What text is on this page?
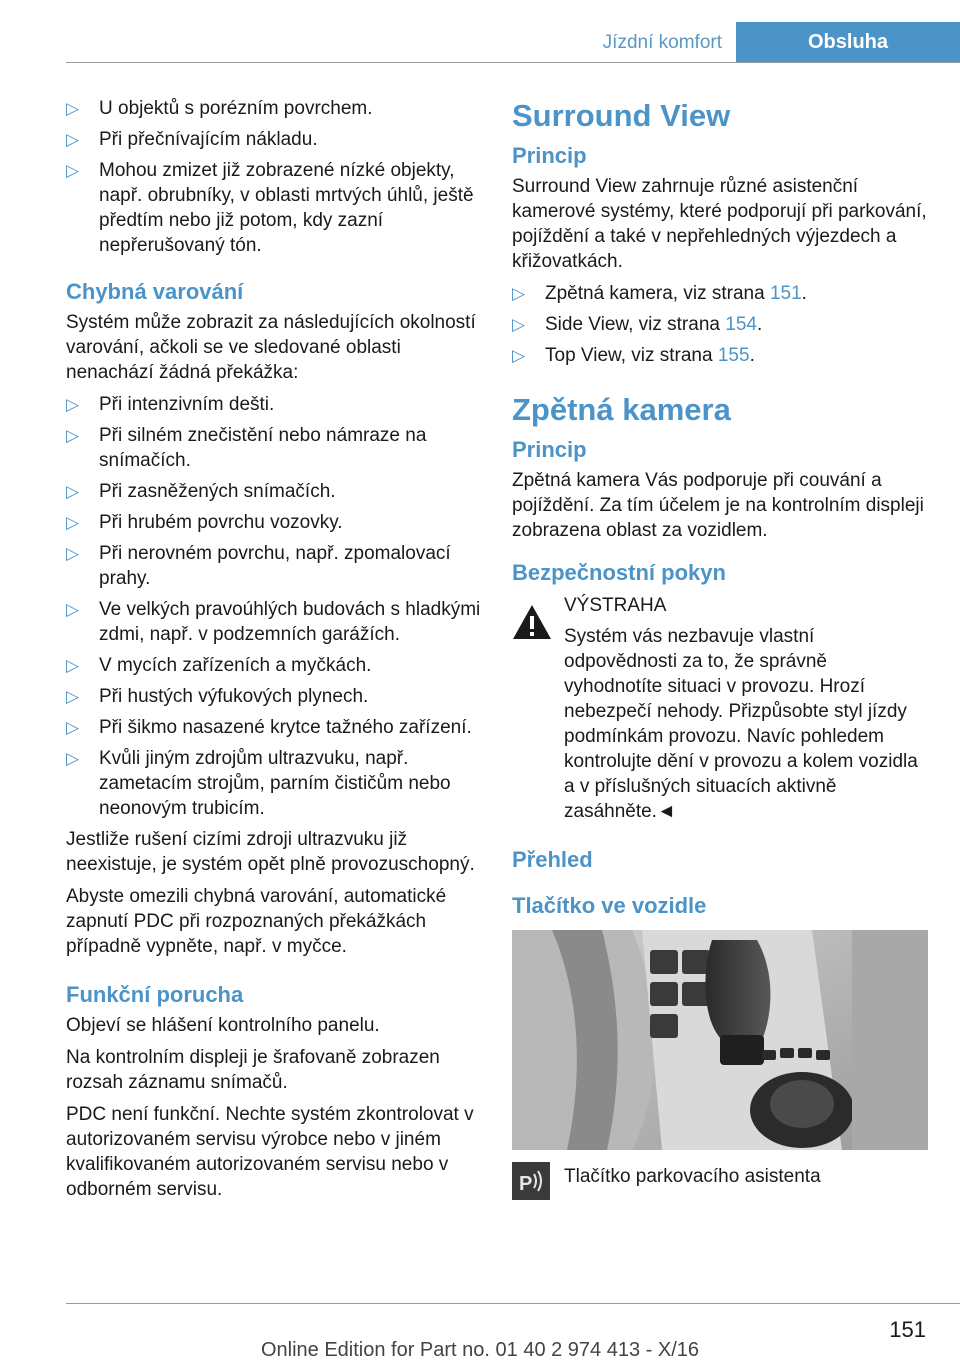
Jízdní komfort	Obsluha
▷	U objektů s porézním povrchem.
▷	Při přečnívajícím nákladu.
▷	Mohou zmizet již zobrazené nízké objekty, např. obrubníky, v oblasti mrtvých úhlů, ještě předtím nebo již potom, kdy zazní nepřerušovaný tón.
Chybná varování

Systém může zobrazit za následujících okolností varování, ačkoli se ve sledované oblasti nenachází žádná překážka:

▷	Při intenzivním dešti.
▷	Při silném znečistění nebo námraze na snímačích.
▷	Při zasněžených snímačích.
▷	Při hrubém povrchu vozovky.
▷	Při nerovném povrchu, např. zpomalovací prahy.
▷	Ve velkých pravoúhlých budovách s hladkými zdmi, např. v podzemních garážích.
▷	V mycích zařízeních a myčkách.
▷	Při hustých výfukových plynech.
▷	Při šikmo nasazené krytce tažného zařízení.
▷	Kvůli jiným zdrojům ultrazvuku, např. zametacím strojům, parním čističům nebo neonovým trubicím.

Jestliže rušení cizími zdroji ultrazvuku již neexistuje, je systém opět plně provozuschopný.

Abyste omezili chybná varování, automatické zapnutí PDC při rozpoznaných překážkách případně vypněte, např. v myčce.

Funkční porucha

Objeví se hlášení kontrolního panelu.

Na kontrolním displeji je šrafovaně zobrazen rozsah záznamu snímačů.

PDC není funkční. Nechte systém zkontrolovat v autorizovaném servisu výrobce nebo v jiném kvalifikovaném autorizovaném servisu nebo v odborném servisu.

Surround View
Princip

Surround View zahrnuje různé asistenční kamerové systémy, které podporují při parkování, pojíždění a také v nepřehledných výjezdech a křižovatkách.

▷	Zpětná kamera, viz strana 151.
▷	Side View, viz strana 154.
▷	Top View, viz strana 155.
Zpětná kamera
Princip

Zpětná kamera Vás podporuje při couvání a pojíždění. Za tím účelem je na kontrolním displeji zobrazena oblast za vozidlem.

Bezpečnostní pokyn
VÝSTRAHA
Systém vás nezbavuje vlastní odpovědnosti za to, že správně vyhodnotíte situaci v provozu. Hrozí nebezpečí nehody. Přizpůsobte styl jízdy podmínkám provozu. Navíc pohledem kontrolujte dění v provozu a kolem vozidla a v příslušných situacích aktivně zasáhněte.◄
Přehled
Tlačítko ve vozidle
P Tlačítko parkovacího asistenta
151
Online Edition for Part no. 01 40 2 974 413 - X/16
